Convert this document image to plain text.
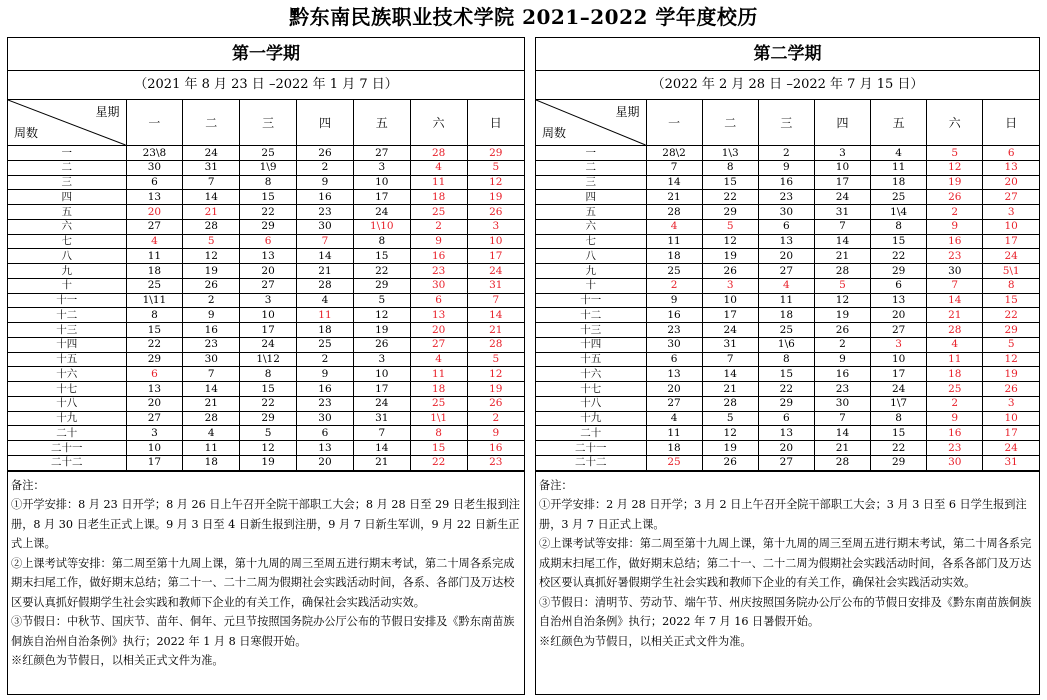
黔东南民族职业技术学院 2021–2022 学年度校历
第一学期
（2021 年 8 月 23 日 –2022 年 1 月 7 日）
星期
周数	一	二	三	四	五	六	日
一	23\8	24	25	26	27	28	29
二	30	31	1\9	2	3	4	5
三	6	7	8	9	10	11	12
四	13	14	15	16	17	18	19
五	20	21	22	23	24	25	26
六	27	28	29	30	1\10	2	3
七	4	5	6	7	8	9	10
八	11	12	13	14	15	16	17
九	18	19	20	21	22	23	24
十	25	26	27	28	29	30	31
十一	1\11	2	3	4	5	6	7
十二	8	9	10	11	12	13	14
十三	15	16	17	18	19	20	21
十四	22	23	24	25	26	27	28
十五	29	30	1\12	2	3	4	5
十六	6	7	8	9	10	11	12
十七	13	14	15	16	17	18	19
十八	20	21	22	23	24	25	26
十九	27	28	29	30	31	1\1	2
二十	3	4	5	6	7	8	9
二十一	10	11	12	13	14	15	16
二十二	17	18	19	20	21	22	23

备注：

①开学安排：8 月 23 日开学；8 月 26 日上午召开全院干部职工大会；8 月 28 日至 29 日老生报到注册，8 月 30 日老生正式上课。9 月 3 日至 4 日新生报到注册，9 月 7 日新生军训，9 月 22 日新生正式上课。

②上课考试等安排：第二周至第十九周上课，第十九周的周三至周五进行期末考试，第二十周各系完成期末扫尾工作，做好期末总结；第二十一、二十二周为假期社会实践活动时间，各系、各部门及万达校区要认真抓好假期学生社会实践和教师下企业的有关工作，确保社会实践活动实效。

③节假日：中秋节、国庆节、苗年、侗年、元旦节按照国务院办公厅公布的节假日安排及《黔东南苗族侗族自治州自治条例》执行；2022 年 1 月 8 日寒假开始。

※红颜色为节假日，以相关正式文件为准。

第二学期
（2022 年 2 月 28 日 –2022 年 7 月 15 日）
星期
周数	一	二	三	四	五	六	日
一	28\2	1\3	2	3	4	5	6
二	7	8	9	10	11	12	13
三	14	15	16	17	18	19	20
四	21	22	23	24	25	26	27
五	28	29	30	31	1\4	2	3
六	4	5	6	7	8	9	10
七	11	12	13	14	15	16	17
八	18	19	20	21	22	23	24
九	25	26	27	28	29	30	5\1
十	2	3	4	5	6	7	8
十一	9	10	11	12	13	14	15
十二	16	17	18	19	20	21	22
十三	23	24	25	26	27	28	29
十四	30	31	1\6	2	3	4	5
十五	6	7	8	9	10	11	12
十六	13	14	15	16	17	18	19
十七	20	21	22	23	24	25	26
十八	27	28	29	30	1\7	2	3
十九	4	5	6	7	8	9	10
二十	11	12	13	14	15	16	17
二十一	18	19	20	21	22	23	24
二十二	25	26	27	28	29	30	31

备注：

①开学安排：2 月 28 日开学；3 月 2 日上午召开全院干部职工大会；3 月 3 日至 6 日学生报到注册，3 月 7 日正式上课。

②上课考试等安排：第二周至第十九周上课，第十九周的周三至周五进行期末考试，第二十周各系完成期末扫尾工作，做好期末总结；第二十一、二十二周为假期社会实践活动时间，各系各部门及万达校区要认真抓好暑假期学生社会实践和教师下企业的有关工作，确保社会实践活动实效。

③节假日：清明节、劳动节、端午节、州庆按照国务院办公厅公布的节假日安排及《黔东南苗族侗族自治州自治条例》执行；2022 年 7 月 16 日暑假开始。

※红颜色为节假日，以相关正式文件为准。
